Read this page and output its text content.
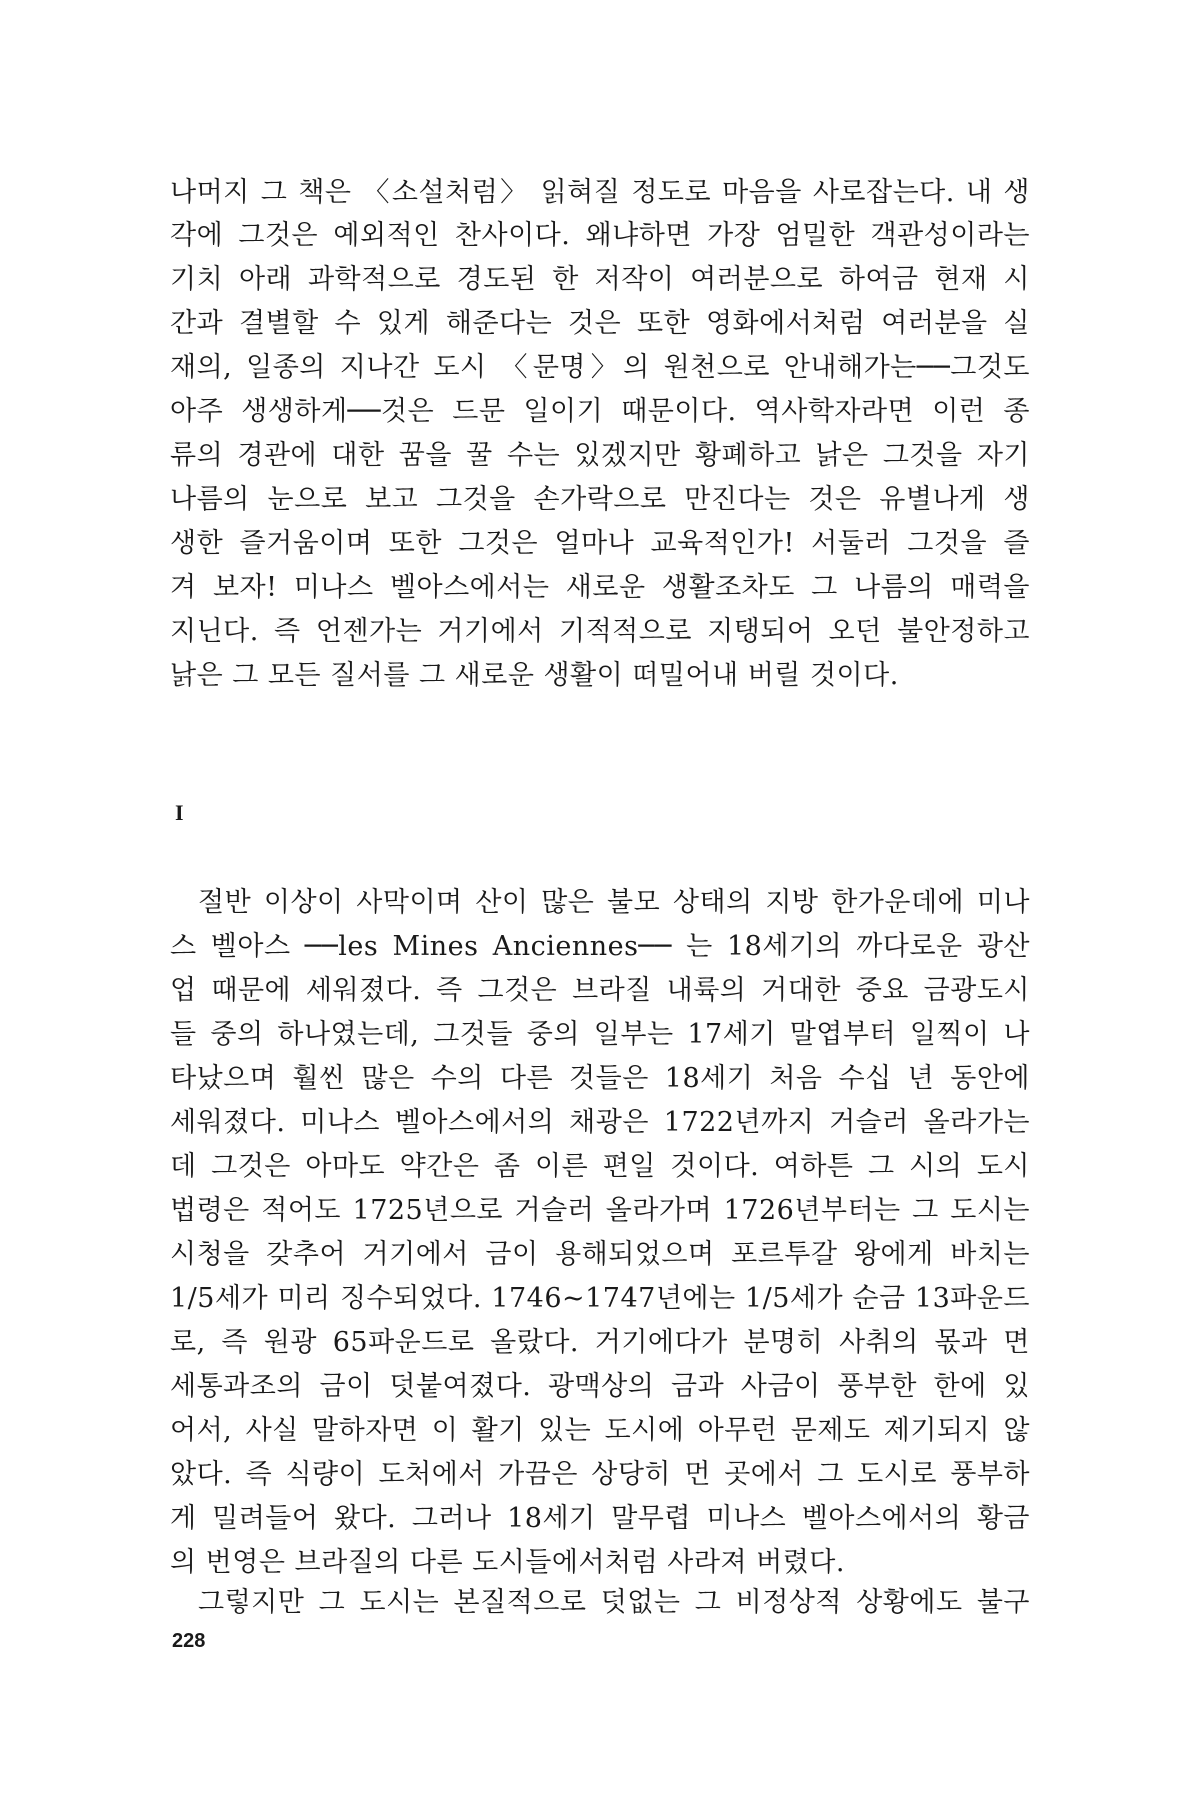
나머지 그 책은 〈소설처럼〉 읽혀질 정도로 마음을 사로잡는다. 내 생
각에 그것은 예외적인 찬사이다. 왜냐하면 가장 엄밀한 객관성이라는
기치 아래 과학적으로 경도된 한 저작이 여러분으로 하여금 현재 시
간과 결별할 수 있게 해준다는 것은 또한 영화에서처럼 여러분을 실
재의, 일종의 지나간 도시 〈문명〉의 원천으로 안내해가는──그것도
아주 생생하게──것은 드문 일이기 때문이다. 역사학자라면 이런 종
류의 경관에 대한 꿈을 꿀 수는 있겠지만 황폐하고 낡은 그것을 자기
나름의 눈으로 보고 그것을 손가락으로 만진다는 것은 유별나게 생
생한 즐거움이며 또한 그것은 얼마나 교육적인가! 서둘러 그것을 즐
겨 보자! 미나스 벨아스에서는 새로운 생활조차도 그 나름의 매력을
지닌다. 즉 언젠가는 거기에서 기적적으로 지탱되어 오던 불안정하고
낡은 그 모든 질서를 그 새로운 생활이 떠밀어내 버릴 것이다.
I
절반 이상이 사막이며 산이 많은 불모 상태의 지방 한가운데에 미나
스 벨아스 ──les Mines Anciennes── 는 18세기의 까다로운 광산
업 때문에 세워졌다. 즉 그것은 브라질 내륙의 거대한 중요 금광도시
들 중의 하나였는데, 그것들 중의 일부는 17세기 말엽부터 일찍이 나
타났으며 훨씬 많은 수의 다른 것들은 18세기 처음 수십 년 동안에
세워졌다. 미나스 벨아스에서의 채광은 1722년까지 거슬러 올라가는
데 그것은 아마도 약간은 좀 이른 편일 것이다. 여하튼 그 시의 도시
법령은 적어도 1725년으로 거슬러 올라가며 1726년부터는 그 도시는
시청을 갖추어 거기에서 금이 용해되었으며 포르투갈 왕에게 바치는
1/5세가 미리 징수되었다. 1746~1747년에는 1/5세가 순금 13파운드
로, 즉 원광 65파운드로 올랐다. 거기에다가 분명히 사취의 몫과 면
세통과조의 금이 덧붙여졌다. 광맥상의 금과 사금이 풍부한 한에 있
어서, 사실 말하자면 이 활기 있는 도시에 아무런 문제도 제기되지 않
았다. 즉 식량이 도처에서 가끔은 상당히 먼 곳에서 그 도시로 풍부하
게 밀려들어 왔다. 그러나 18세기 말무렵 미나스 벨아스에서의 황금
의 번영은 브라질의 다른 도시들에서처럼 사라져 버렸다.
그렇지만 그 도시는 본질적으로 덧없는 그 비정상적 상황에도 불구
228
